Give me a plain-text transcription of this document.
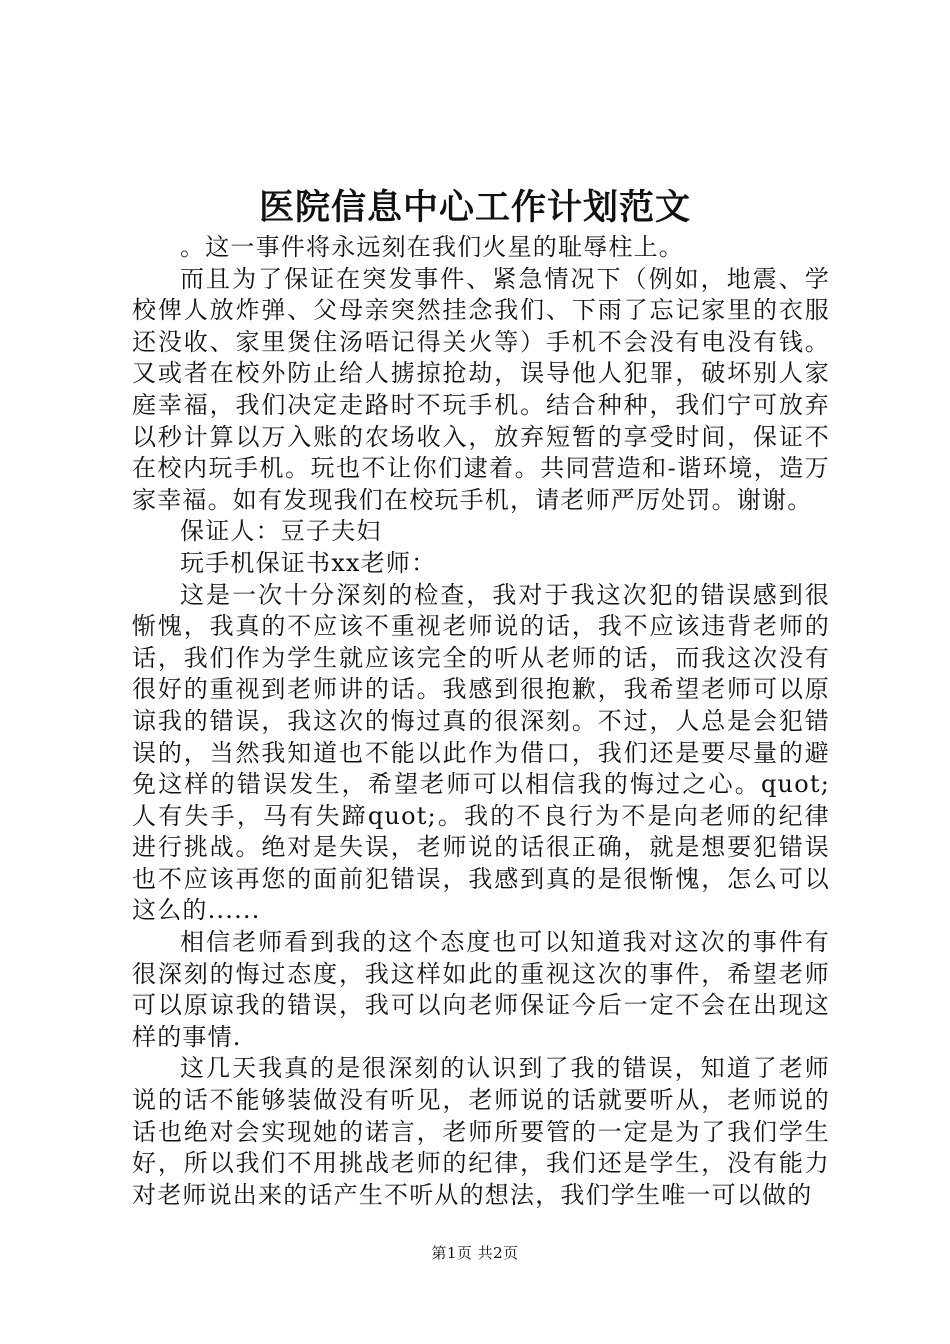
医院信息中心工作计划范文

。这一事件将永远刻在我们火星的耻辱柱上。

而且为了保证在突发事件、紧急情况下（例如，地震、学校俾人放炸弹、父母亲突然挂念我们、下雨了忘记家里的衣服还没收、家里煲住汤唔记得关火等）手机不会没有电没有钱。又或者在校外防止给人掳掠抢劫，误导他人犯罪，破坏别人家庭幸福，我们决定走路时不玩手机。结合种种，我们宁可放弃以秒计算以万入账的农场收入，放弃短暂的享受时间，保证不在校内玩手机。玩也不让你们逮着。共同营造和-谐环境，造万家幸福。如有发现我们在校玩手机，请老师严厉处罚。谢谢。

保证人：豆子夫妇

玩手机保证书xx老师：

这是一次十分深刻的检查，我对于我这次犯的错误感到很惭愧，我真的不应该不重视老师说的话，我不应该违背老师的话，我们作为学生就应该完全的听从老师的话，而我这次没有很好的重视到老师讲的话。我感到很抱歉，我希望老师可以原谅我的错误，我这次的悔过真的很深刻。不过，人总是会犯错误的，当然我知道也不能以此作为借口，我们还是要尽量的避免这样的错误发生，希望老师可以相信我的悔过之心。quot;人有失手，马有失蹄quot;。我的不良行为不是向老师的纪律进行挑战。绝对是失误，老师说的话很正确，就是想要犯错误也不应该再您的面前犯错误，我感到真的是很惭愧，怎么可以这么的......

相信老师看到我的这个态度也可以知道我对这次的事件有很深刻的悔过态度，我这样如此的重视这次的事件，希望老师可以原谅我的错误，我可以向老师保证今后一定不会在出现这样的事情.

这几天我真的是很深刻的认识到了我的错误，知道了老师说的话不能够装做没有听见，老师说的话就要听从，老师说的话也绝对会实现她的诺言，老师所要管的一定是为了我们学生好，所以我们不用挑战老师的纪律，我们还是学生，没有能力对老师说出来的话产生不听从的想法，我们学生唯一可以做的

第1页 共2页
